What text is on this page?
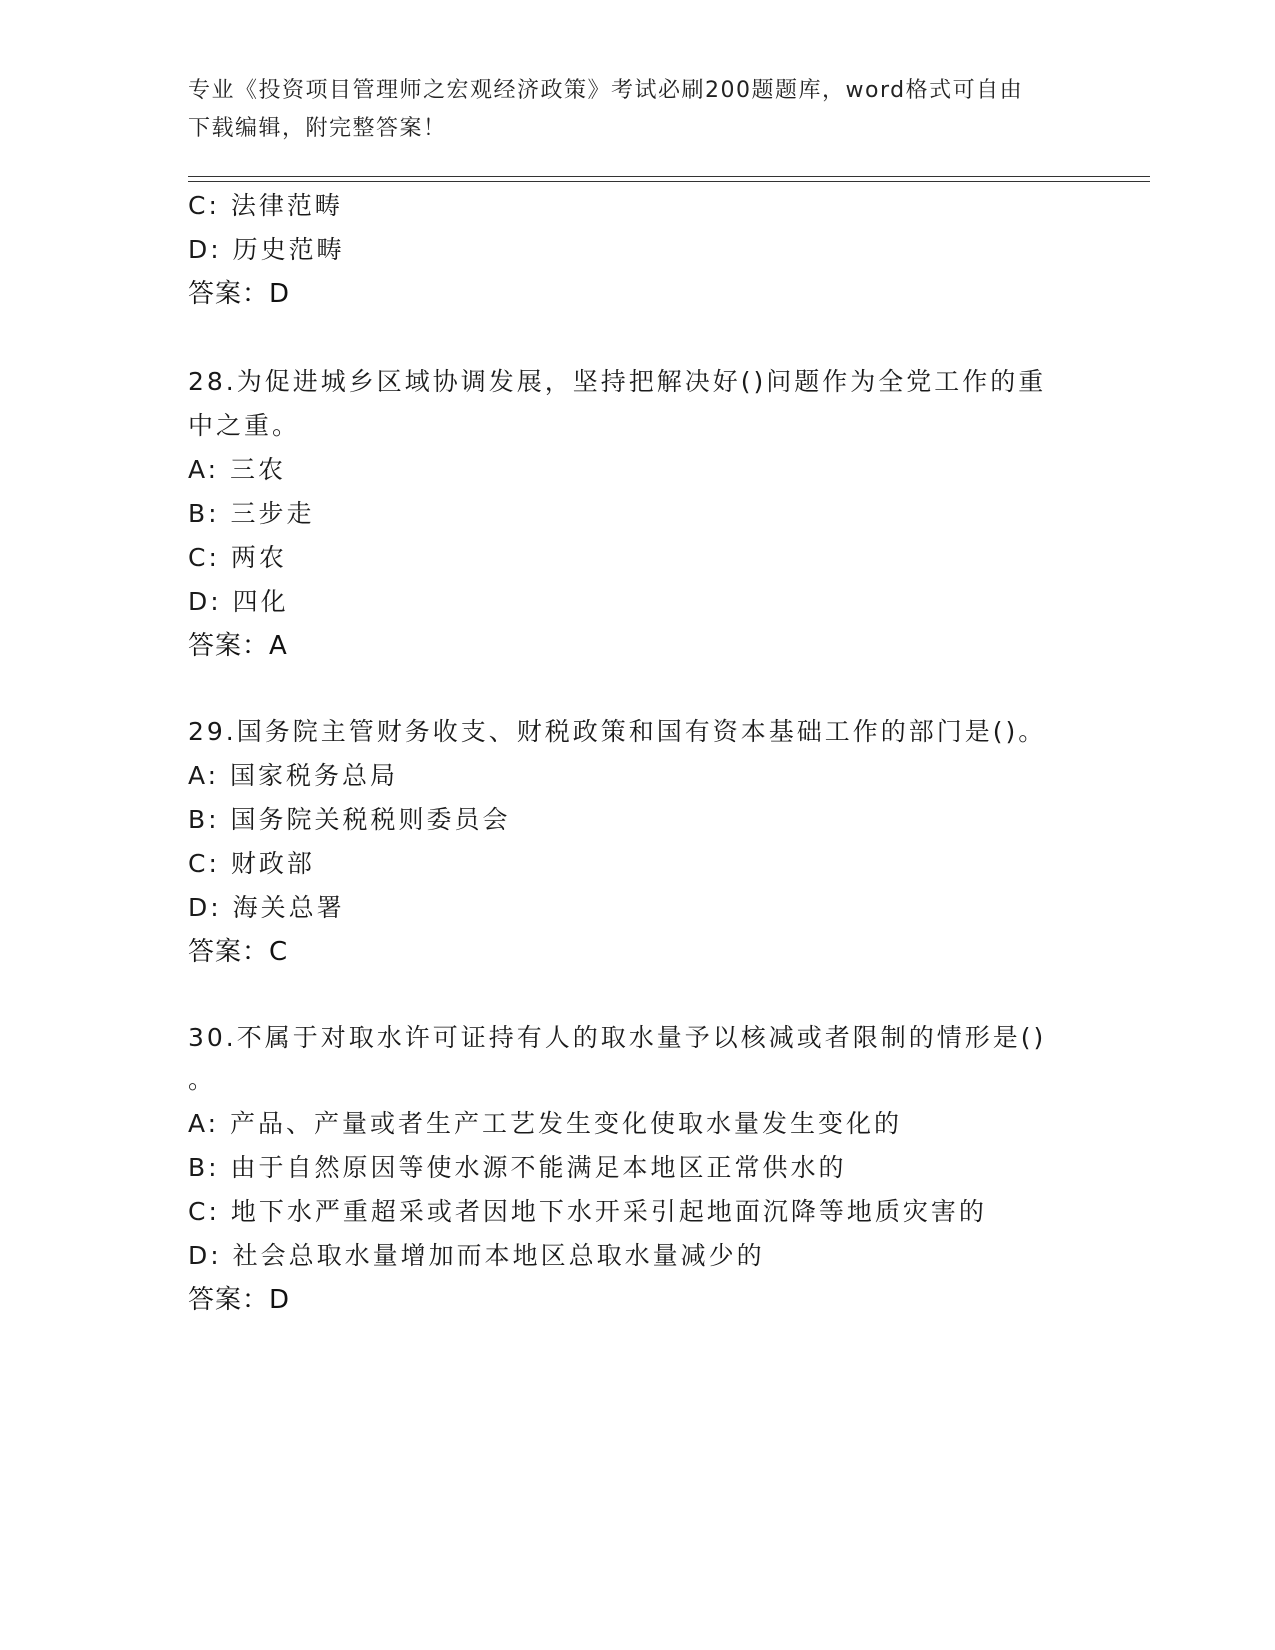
专业《投资项目管理师之宏观经济政策》考试必刷200题题库，word格式可自由
下载编辑，附完整答案！
C: 法律范畴
D: 历史范畴
答案：D
28.为促进城乡区域协调发展，坚持把解决好()问题作为全党工作的重
中之重。
A: 三农
B: 三步走
C: 两农
D: 四化
答案：A
29.国务院主管财务收支、财税政策和国有资本基础工作的部门是()。
A: 国家税务总局
B: 国务院关税税则委员会
C: 财政部
D: 海关总署
答案：C
30.不属于对取水许可证持有人的取水量予以核减或者限制的情形是()
。
A: 产品、产量或者生产工艺发生变化使取水量发生变化的
B: 由于自然原因等使水源不能满足本地区正常供水的
C: 地下水严重超采或者因地下水开采引起地面沉降等地质灾害的
D: 社会总取水量增加而本地区总取水量减少的
答案：D
